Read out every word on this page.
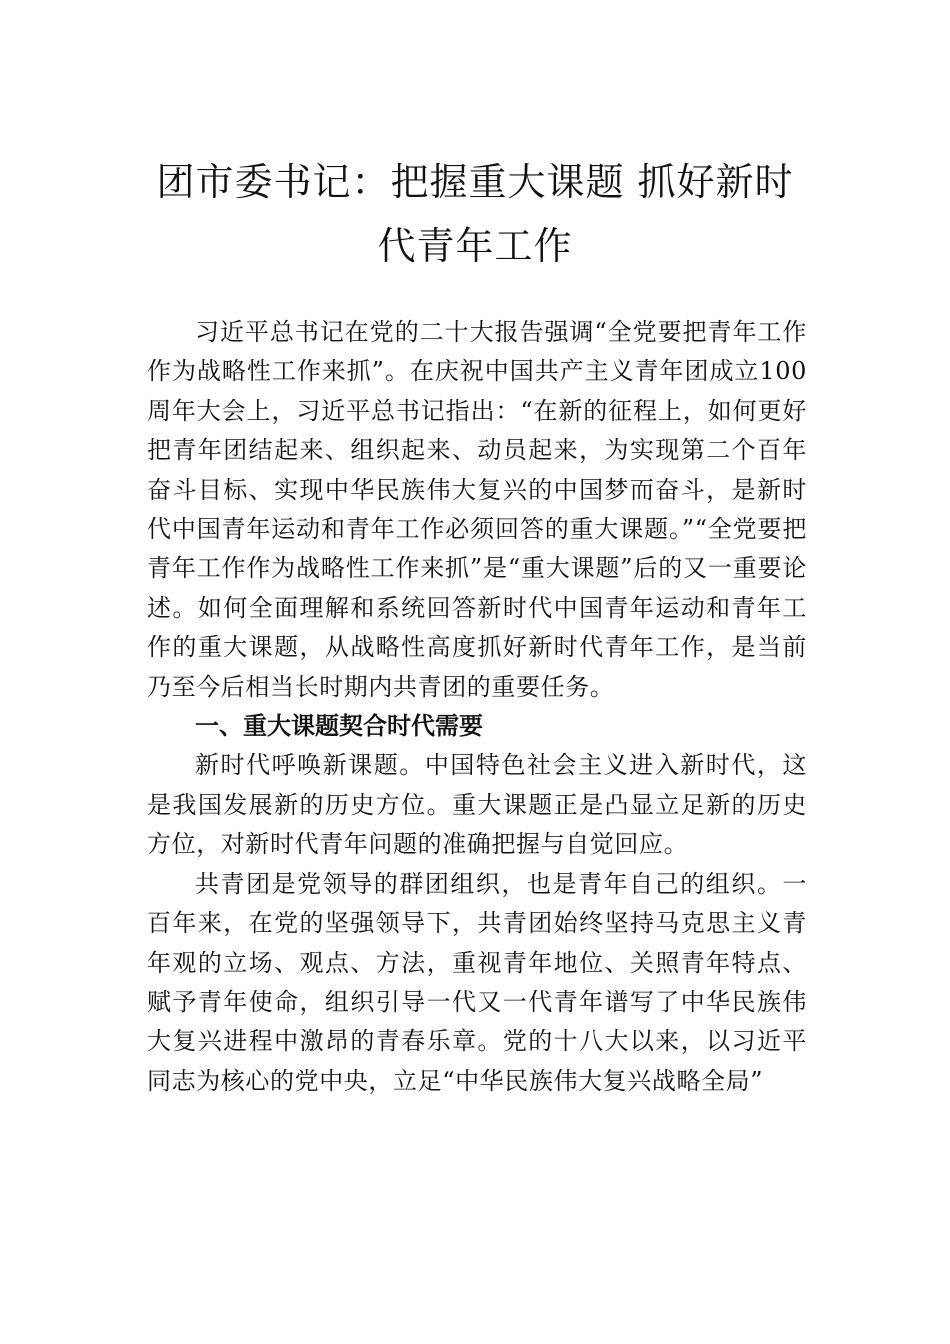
团市委书记：把握重大课题 抓好新时代青年工作

习近平总书记在党的二十大报告强调“全党要把青年工作作为战略性工作来抓”。在庆祝中国共产主义青年团成立100周年大会上，习近平总书记指出：“在新的征程上，如何更好把青年团结起来、组织起来、动员起来，为实现第二个百年奋斗目标、实现中华民族伟大复兴的中国梦而奋斗，是新时代中国青年运动和青年工作必须回答的重大课题。”“全党要把青年工作作为战略性工作来抓”是“重大课题”后的又一重要论述。如何全面理解和系统回答新时代中国青年运动和青年工作的重大课题，从战略性高度抓好新时代青年工作，是当前乃至今后相当长时期内共青团的重要任务。

一、重大课题契合时代需要

新时代呼唤新课题。中国特色社会主义进入新时代，这是我国发展新的历史方位。重大课题正是凸显立足新的历史方位，对新时代青年问题的准确把握与自觉回应。

共青团是党领导的群团组织，也是青年自己的组织。一百年来，在党的坚强领导下，共青团始终坚持马克思主义青年观的立场、观点、方法，重视青年地位、关照青年特点、 赋予青年使命，组织引导一代又一代青年谱写了中华民族伟大复兴进程中激昂的青春乐章。党的十八大以来，以习近平同志为核心的党中央，立足“中华民族伟大复兴战略全局”
